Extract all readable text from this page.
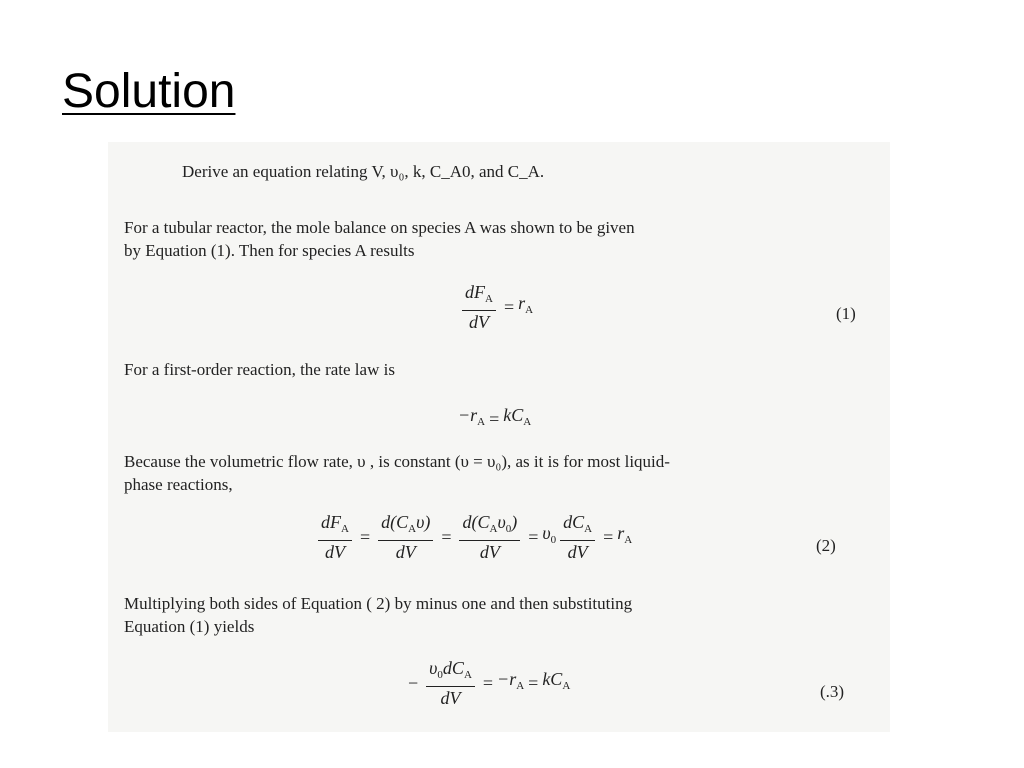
Solution
Derive an equation relating V, υ₀, k, C_A0, and C_A.
For a tubular reactor, the mole balance on species A was shown to be given
by Equation (1). Then for species A results
$\frac{dF_A}{dV} = r_A$	(1)
For a first-order reaction, the rate law is
$-r_A = kC_A$
Because the volumetric flow rate, υ , is constant (υ = υ₀), as it is for most liquid-
phase reactions,
$\frac{dF_A}{dV} = \frac{d(C_A\upsilon)}{dV} = \frac{d(C_A\upsilon_0)}{dV} = \upsilon_0 \frac{dC_A}{dV} = r_A$	(2)
Multiplying both sides of Equation ( 2) by minus one and then substituting
Equation (1) yields
− $\frac{\upsilon_0dC_A}{dV} = -r_A = kC_A$	(.3)
